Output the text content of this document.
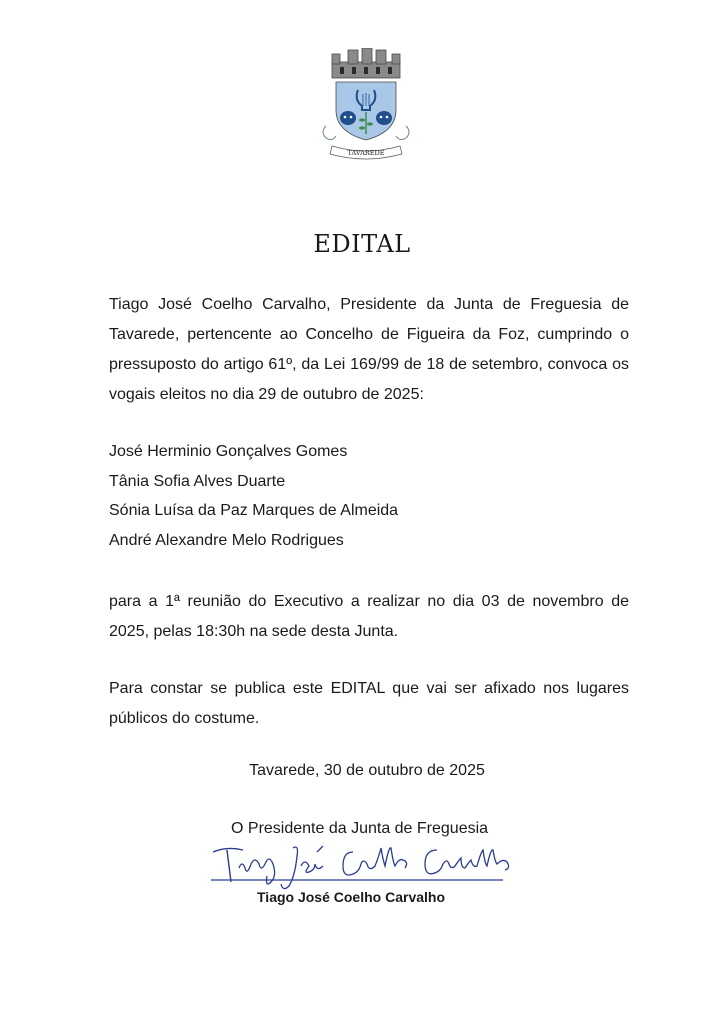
TAVAREDE
EDITAL

Tiago José Coelho Carvalho, Presidente da Junta de Freguesia de Tavarede, pertencente ao Concelho de Figueira da Foz, cumprindo o pressuposto do artigo 61º, da Lei 169/99 de 18 de setembro, convoca os vogais eleitos no dia 29 de outubro de 2025:

José Herminio Gonçalves Gomes
Tânia Sofia Alves Duarte
Sónia Luísa da Paz Marques de Almeida
André Alexandre Melo Rodrigues

para a 1ª reunião do Executivo a realizar no dia 03 de novembro de 2025, pelas 18:30h na sede desta Junta.

Para constar se publica este EDITAL que vai ser afixado nos lugares públicos do costume.

Tavarede, 30 de outubro de 2025

O Presidente da Junta de Freguesia

Tiago José Coelho Carvalho
